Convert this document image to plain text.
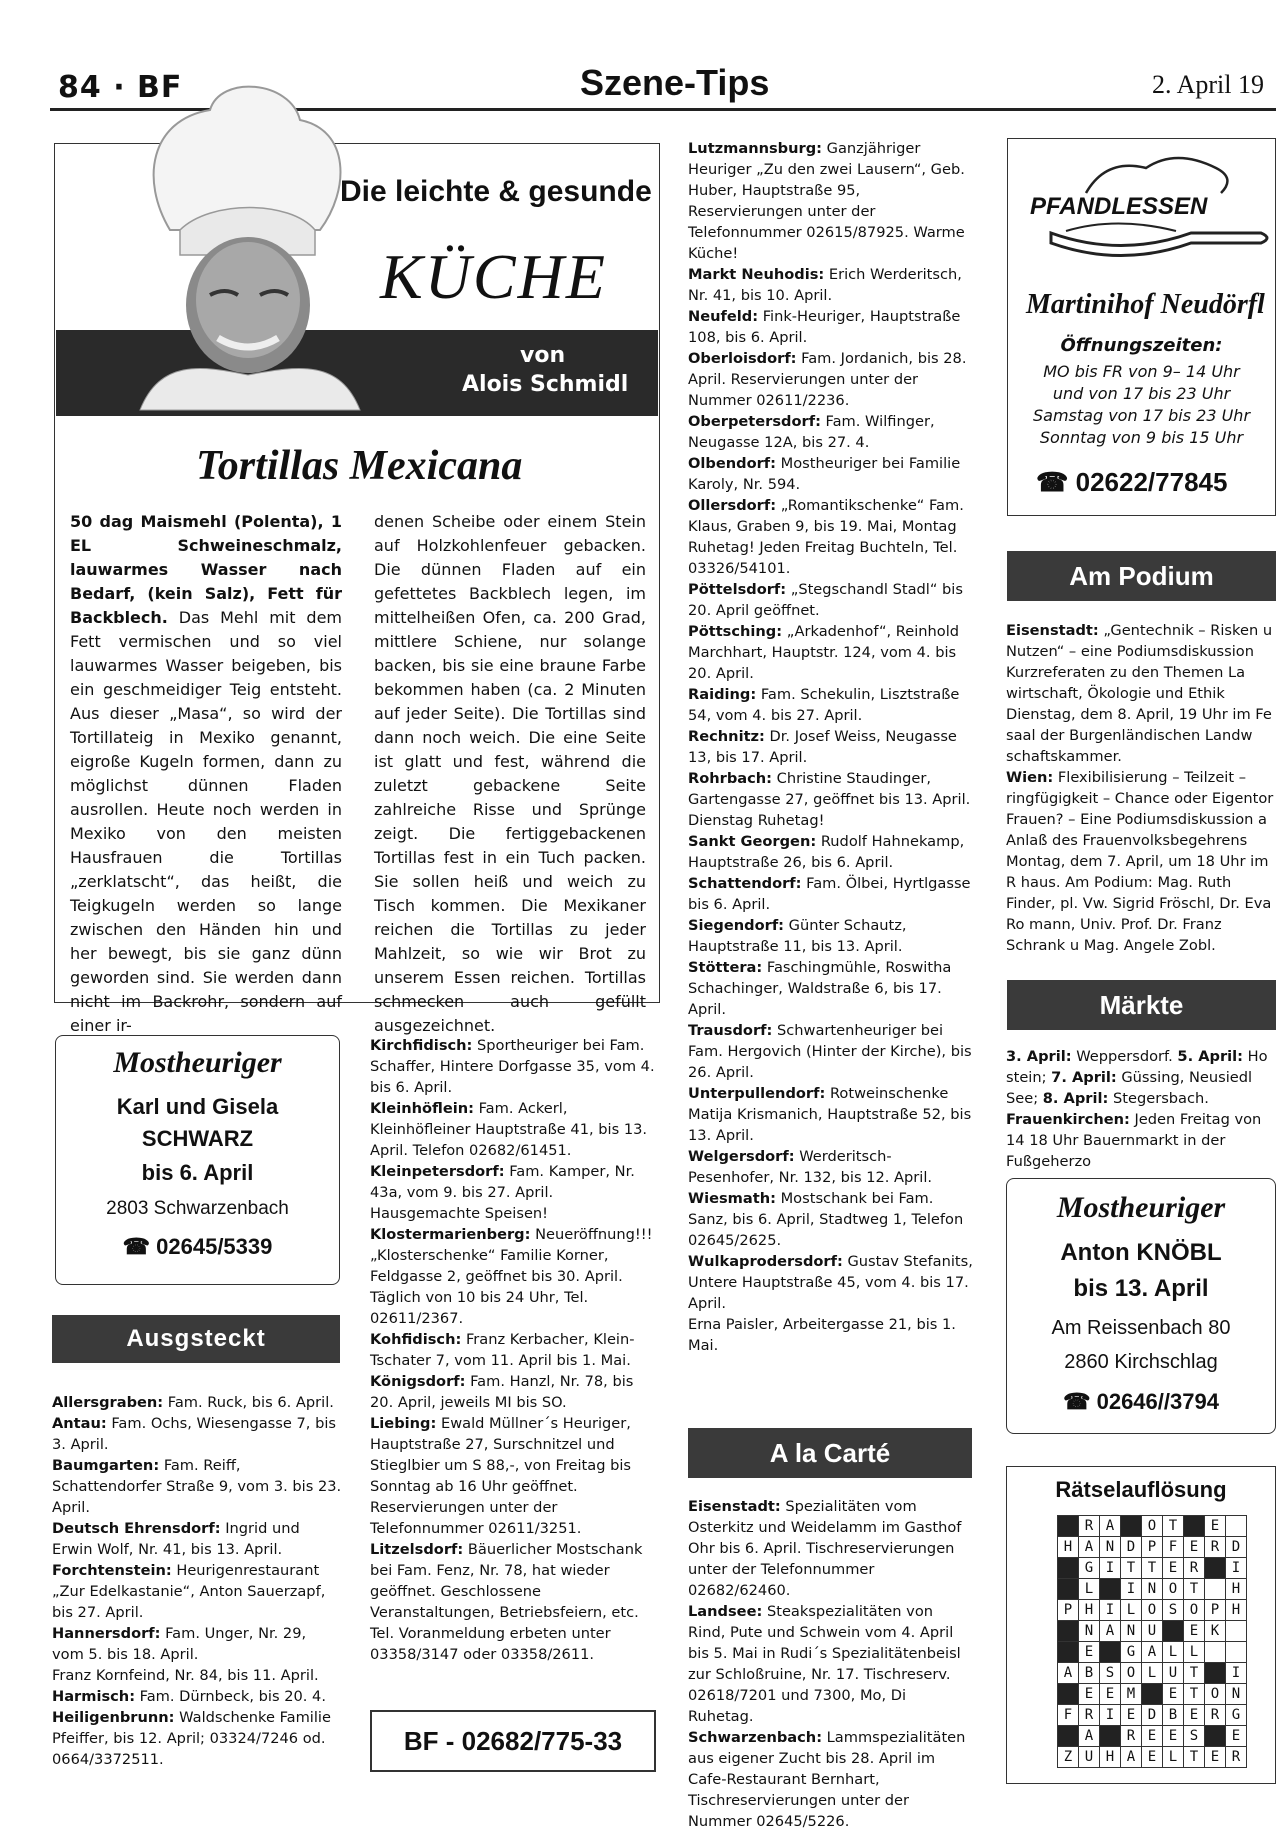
84 · BF	Szene-Tips	2. April 19
Die leichte & gesunde
KÜCHE
von
Alois Schmidl
Tortillas Mexicana
50 dag Maismehl (Polenta), 1 EL Schweineschmalz, lauwarmes Wasser nach Bedarf, (kein Salz), Fett für Backblech. Das Mehl mit dem Fett vermischen und so viel lauwarmes Wasser beigeben, bis ein geschmeidiger Teig entsteht. Aus dieser „Masa“, so wird der Tortillateig in Mexiko genannt, eigroße Kugeln formen, dann zu möglichst dünnen Fladen ausrollen. Heute noch werden in Mexiko von den meisten Hausfrauen die Tortillas „zerklatscht“, das heißt, die Teigkugeln werden so lange zwischen den Händen hin und her bewegt, bis sie ganz dünn geworden sind. Sie werden dann nicht im Backrohr, sondern auf einer ir-
denen Scheibe oder einem Stein auf Holzkohlenfeuer gebacken. Die dünnen Fladen auf ein gefettetes Backblech legen, im mittelheißen Ofen, ca. 200 Grad, mittlere Schiene, nur solange backen, bis sie eine braune Farbe bekommen haben (ca. 2 Minuten auf jeder Seite). Die Tortillas sind dann noch weich. Die eine Seite ist glatt und fest, während die zuletzt gebackene Seite zahlreiche Risse und Sprünge zeigt. Die fertiggebackenen Tortillas fest in ein Tuch packen. Sie sollen heiß und weich zu Tisch kommen. Die Mexikaner reichen die Tortillas zu jeder Mahlzeit, so wie wir Brot zu unserem Essen reichen. Tortillas schmecken auch gefüllt ausgezeichnet.
Mostheuriger
Karl und Gisela
SCHWARZ
bis 6. April
2803 Schwarzenbach
☎ 02645/5339
Ausgsteckt

Allersgraben: Fam. Ruck, bis 6. April.

Antau: Fam. Ochs, Wiesengasse 7, bis 3. April.

Baumgarten: Fam. Reiff, Schattendorfer Straße 9, vom 3. bis 23. April.

Deutsch Ehrensdorf: Ingrid und Erwin Wolf, Nr. 41, bis 13. April.

Forchtenstein: Heurigenrestaurant „Zur Edelkastanie“, Anton Sauerzapf, bis 27. April.

Hannersdorf: Fam. Unger, Nr. 29, vom 5. bis 18. April.

Franz Kornfeind, Nr. 84, bis 11. April.

Harmisch: Fam. Dürnbeck, bis 20. 4.

Heiligenbrunn: Waldschenke Familie Pfeiffer, bis 12. April; 03324/7246 od. 0664/3372511.

Kirchfidisch: Sportheuriger bei Fam. Schaffer, Hintere Dorfgasse 35, vom 4. bis 6. April.

Kleinhöflein: Fam. Ackerl, Kleinhöfleiner Hauptstraße 41, bis 13. April. Telefon 02682/61451.

Kleinpetersdorf: Fam. Kamper, Nr. 43a, vom 9. bis 27. April. Hausgemachte Speisen!

Klostermarienberg: Neueröffnung!!! „Klosterschenke“ Familie Korner, Feldgasse 2, geöffnet bis 30. April. Täglich von 10 bis 24 Uhr, Tel. 02611/2367.

Kohfidisch: Franz Kerbacher, Klein-Tschater 7, vom 11. April bis 1. Mai.

Königsdorf: Fam. Hanzl, Nr. 78, bis 20. April, jeweils MI bis SO.

Liebing: Ewald Müllner´s Heuriger, Hauptstraße 27, Surschnitzel und Stieglbier um S 88,-, von Freitag bis Sonntag ab 16 Uhr geöffnet. Reservierungen unter der Telefonnummer 02611/3251.

Litzelsdorf: Bäuerlicher Mostschank bei Fam. Fenz, Nr. 78, hat wieder geöffnet. Geschlossene Veranstaltungen, Betriebsfeiern, etc. Tel. Voranmeldung erbeten unter 03358/3147 oder 03358/2611.

BF - 02682/775-33

Lutzmannsburg: Ganzjähriger Heuriger „Zu den zwei Lausern“, Geb. Huber, Hauptstraße 95, Reservierungen unter der Telefonnummer 02615/87925. Warme Küche!

Markt Neuhodis: Erich Werderitsch, Nr. 41, bis 10. April.

Neufeld: Fink-Heuriger, Hauptstraße 108, bis 6. April.

Oberloisdorf: Fam. Jordanich, bis 28. April. Reservierungen unter der Nummer 02611/2236.

Oberpetersdorf: Fam. Wilfinger, Neugasse 12A, bis 27. 4.

Olbendorf: Mostheuriger bei Familie Karoly, Nr. 594.

Ollersdorf: „Romantikschenke“ Fam. Klaus, Graben 9, bis 19. Mai, Montag Ruhetag! Jeden Freitag Buchteln, Tel. 03326/54101.

Pöttelsdorf: „Stegschandl Stadl“ bis 20. April geöffnet.

Pöttsching: „Arkadenhof“, Reinhold Marchhart, Hauptstr. 124, vom 4. bis 20. April.

Raiding: Fam. Schekulin, Lisztstraße 54, vom 4. bis 27. April.

Rechnitz: Dr. Josef Weiss, Neugasse 13, bis 17. April.

Rohrbach: Christine Staudinger, Gartengasse 27, geöffnet bis 13. April. Dienstag Ruhetag!

Sankt Georgen: Rudolf Hahnekamp, Hauptstraße 26, bis 6. April.

Schattendorf: Fam. Ölbei, Hyrtlgasse bis 6. April.

Siegendorf: Günter Schautz, Hauptstraße 11, bis 13. April.

Stöttera: Faschingmühle, Roswitha Schachinger, Waldstraße 6, bis 17. April.

Trausdorf: Schwartenheuriger bei Fam. Hergovich (Hinter der Kirche), bis 26. April.

Unterpullendorf: Rotweinschenke Matija Krismanich, Hauptstraße 52, bis 13. April.

Welgersdorf: Werderitsch-Pesenhofer, Nr. 132, bis 12. April.

Wiesmath: Mostschank bei Fam. Sanz, bis 6. April, Stadtweg 1, Telefon 02645/2625.

Wulkaprodersdorf: Gustav Stefanits, Untere Hauptstraße 45, vom 4. bis 17. April.

Erna Paisler, Arbeitergasse 21, bis 1. Mai.

A la Carté

Eisenstadt: Spezialitäten vom Osterkitz und Weidelamm im Gasthof Ohr bis 6. April. Tischreservierungen unter der Telefonnummer 02682/62460.

Landsee: Steakspezialitäten von Rind, Pute und Schwein vom 4. April bis 5. Mai in Rudi´s Spezialitätenbeisl zur Schloßruine, Nr. 17. Tischreserv. 02618/7201 und 7300, Mo, Di Ruhetag.

Schwarzenbach: Lammspezialitäten aus eigener Zucht bis 28. April im Cafe-Restaurant Bernhart, Tischreservierungen unter der Nummer 02645/5226.

PFANDLESSEN
Martinihof Neudörfl
Öffnungszeiten:
MO bis FR von 9– 14 Uhr
und von 17 bis 23 Uhr
Samstag von 17 bis 23 Uhr
Sonntag von 9 bis 15 Uhr
☎ 02622/77845
Am Podium

Eisenstadt: „Gentechnik – Risken u Nutzen“ – eine Podiumsdiskussion Kurzreferaten zu den Themen La wirtschaft, Ökologie und Ethik Dienstag, dem 8. April, 19 Uhr im Fe saal der Burgenländischen Landw schaftskammer.

Wien: Flexibilisierung – Teilzeit – ringfügigkeit – Chance oder Eigentor Frauen? – Eine Podiumsdiskussion a Anlaß des Frauenvolksbegehrens Montag, dem 7. April, um 18 Uhr im R haus. Am Podium: Mag. Ruth Finder, pl. Vw. Sigrid Fröschl, Dr. Eva Ro mann, Univ. Prof. Dr. Franz Schrank u Mag. Angele Zobl.

Märkte

3. April: Weppersdorf. 5. April: Ho stein; 7. April: Güssing, Neusiedl See; 8. April: Stegersbach.

Frauenkirchen: Jeden Freitag von 14 18 Uhr Bauernmarkt in der Fußgeherzo

Mostheuriger
Anton KNÖBL
bis 13. April
Am Reissenbach 80
2860 Kirchschlag
☎ 02646//3794
Rätselauflösung
	R	A		O	T		E	
H	A	N	D	P	F	E	R	D
	G	I	T	T	E	R		I
	L		I	N	O	T		H
P	H	I	L	O	S	O	P	H
	N	A	N	U		E	K	
	E		G	A	L	L		
A	B	S	O	L	U	T		I
	E	E	M		E	T	O	N
F	R	I	E	D	B	E	R	G
	A		R	E	E	S		E
Z	U	H	A	E	L	T	E	R
